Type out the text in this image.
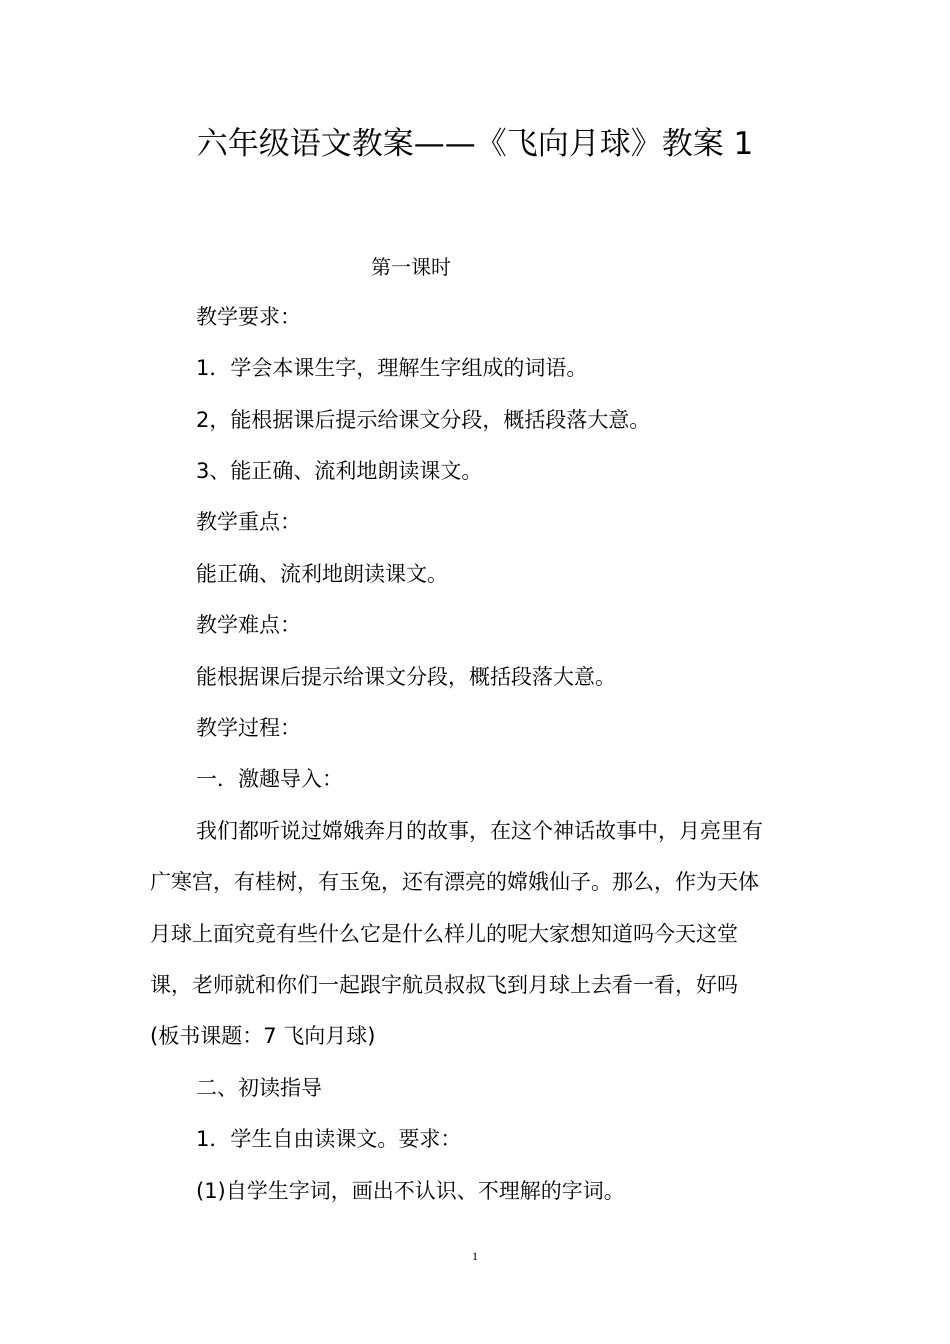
六年级语文教案——《飞向月球》教案 1
第一课时
教学要求：
1．学会本课生字，理解生字组成的词语。
2，能根据课后提示给课文分段，概括段落大意。
3、能正确、流利地朗读课文。
教学重点：
能正确、流利地朗读课文。
教学难点：
能根据课后提示给课文分段，概括段落大意。
教学过程：
一．激趣导入：
我们都听说过嫦娥奔月的故事，在这个神话故事中，月亮里有
广寒宫，有桂树，有玉兔，还有漂亮的嫦娥仙子。那么，作为天体
月球上面究竟有些什么它是什么样儿的呢大家想知道吗今天这堂
课，老师就和你们一起跟宇航员叔叔飞到月球上去看一看，好吗
(板书课题：7 飞向月球)
二、初读指导
1．学生自由读课文。要求：
(1)自学生字词，画出不认识、不理解的字词。
1
